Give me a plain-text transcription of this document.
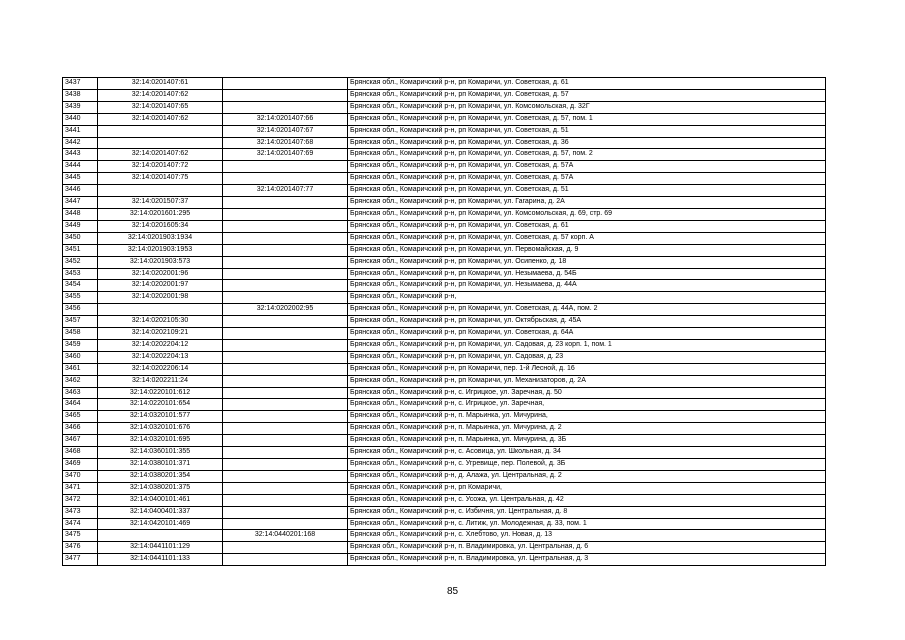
3437	32:14:0201407:61		Брянская обл., Комаричский р-н, рп Комаричи, ул. Советская, д. 61
3438	32:14:0201407:62		Брянская обл., Комаричский р-н, рп Комаричи, ул. Советская, д. 57
3439	32:14:0201407:65		Брянская обл., Комаричский р-н, рп Комаричи, ул. Комсомольская, д. 32Г
3440	32:14:0201407:62	32:14:0201407:66	Брянская обл., Комаричский р-н, рп Комаричи, ул. Советская, д. 57, пом. 1
3441		32:14:0201407:67	Брянская обл., Комаричский р-н, рп Комаричи, ул. Советская, д. 51
3442		32:14:0201407:68	Брянская обл., Комаричский р-н, рп Комаричи, ул. Советская, д. 36
3443	32:14:0201407:62	32:14:0201407:69	Брянская обл., Комаричский р-н, рп Комаричи, ул. Советская, д. 57, пом. 2
3444	32:14:0201407:72		Брянская обл., Комаричский р-н, рп Комаричи, ул. Советская, д. 57А
3445	32:14:0201407:75		Брянская обл., Комаричский р-н, рп Комаричи, ул. Советская, д. 57А
3446		32:14:0201407:77	Брянская обл., Комаричский р-н, рп Комаричи, ул. Советская, д. 51
3447	32:14:0201507:37		Брянская обл., Комаричский р-н, рп Комаричи, ул. Гагарина, д. 2А
3448	32:14:0201601:295		Брянская обл., Комаричский р-н, рп Комаричи, ул. Комсомольская, д. 69, стр. 69
3449	32:14:0201605:34		Брянская обл., Комаричский р-н, рп Комаричи, ул. Советская, д. 61
3450	32:14:0201903:1934		Брянская обл., Комаричский р-н, рп Комаричи, ул. Советская, д. 57 корп. А
3451	32:14:0201903:1953		Брянская обл., Комаричский р-н, рп Комаричи, ул. Первомайская, д. 9
3452	32:14:0201903:573		Брянская обл., Комаричский р-н, рп Комаричи, ул. Осипенко, д. 18
3453	32:14:0202001:96		Брянская обл., Комаричский р-н, рп Комаричи, ул. Незымаева, д. 54Б
3454	32:14:0202001:97		Брянская обл., Комаричский р-н, рп Комаричи, ул. Незымаева, д. 44А
3455	32:14:0202001:98		Брянская обл., Комаричский р-н,
3456		32:14:0202002:95	Брянская обл., Комаричский р-н, рп Комаричи, ул. Советская, д. 44А, пом. 2
3457	32:14:0202105:30		Брянская обл., Комаричский р-н, рп Комаричи, ул. Октябрьская, д. 45А
3458	32:14:0202109:21		Брянская обл., Комаричский р-н, рп Комаричи, ул. Советская, д. 64А
3459	32:14:0202204:12		Брянская обл., Комаричский р-н, рп Комаричи, ул. Садовая, д. 23 корп. 1, пом. 1
3460	32:14:0202204:13		Брянская обл., Комаричский р-н, рп Комаричи, ул. Садовая, д. 23
3461	32:14:0202206:14		Брянская обл., Комаричский р-н, рп Комаричи, пер. 1-й Лесной, д. 16
3462	32:14:0202211:24		Брянская обл., Комаричский р-н, рп Комаричи, ул. Механизаторов, д. 2А
3463	32:14:0220101:612		Брянская обл., Комаричский р-н, с. Игрицкое, ул. Заречная, д. 50
3464	32:14:0220101:654		Брянская обл., Комаричский р-н, с. Игрицкое, ул. Заречная,
3465	32:14:0320101:577		Брянская обл., Комаричский р-н, п. Марьинка, ул. Мичурина,
3466	32:14:0320101:676		Брянская обл., Комаричский р-н, п. Марьинка, ул. Мичурина, д. 2
3467	32:14:0320101:695		Брянская обл., Комаричский р-н, п. Марьинка, ул. Мичурина, д. 3Б
3468	32:14:0360101:355		Брянская обл., Комаричский р-н, с. Асовица, ул. Школьная, д. 34
3469	32:14:0380101:371		Брянская обл., Комаричский р-н, с. Угревище, пер. Полевой, д. 3Б
3470	32:14:0380201:354		Брянская обл., Комаричский р-н, д. Алажа, ул. Центральная, д. 2
3471	32:14:0380201:375		Брянская обл., Комаричский р-н, рп Комаричи,
3472	32:14:0400101:461		Брянская обл., Комаричский р-н, с. Усожа, ул. Центральная, д. 42
3473	32:14:0400401:337		Брянская обл., Комаричский р-н, с. Избичня, ул. Центральная, д. 8
3474	32:14:0420101:469		Брянская обл., Комаричский р-н, с. Литиж, ул. Молодежная, д. 33, пом. 1
3475		32:14:0440201:168	Брянская обл., Комаричский р-н, с. Хлебтово, ул. Новая, д. 13
3476	32:14:0441101:129		Брянская обл., Комаричский р-н, п. Владимировка, ул. Центральная, д. 6
3477	32:14:0441101:133		Брянская обл., Комаричский р-н, п. Владимировка, ул. Центральная, д. 3
85
